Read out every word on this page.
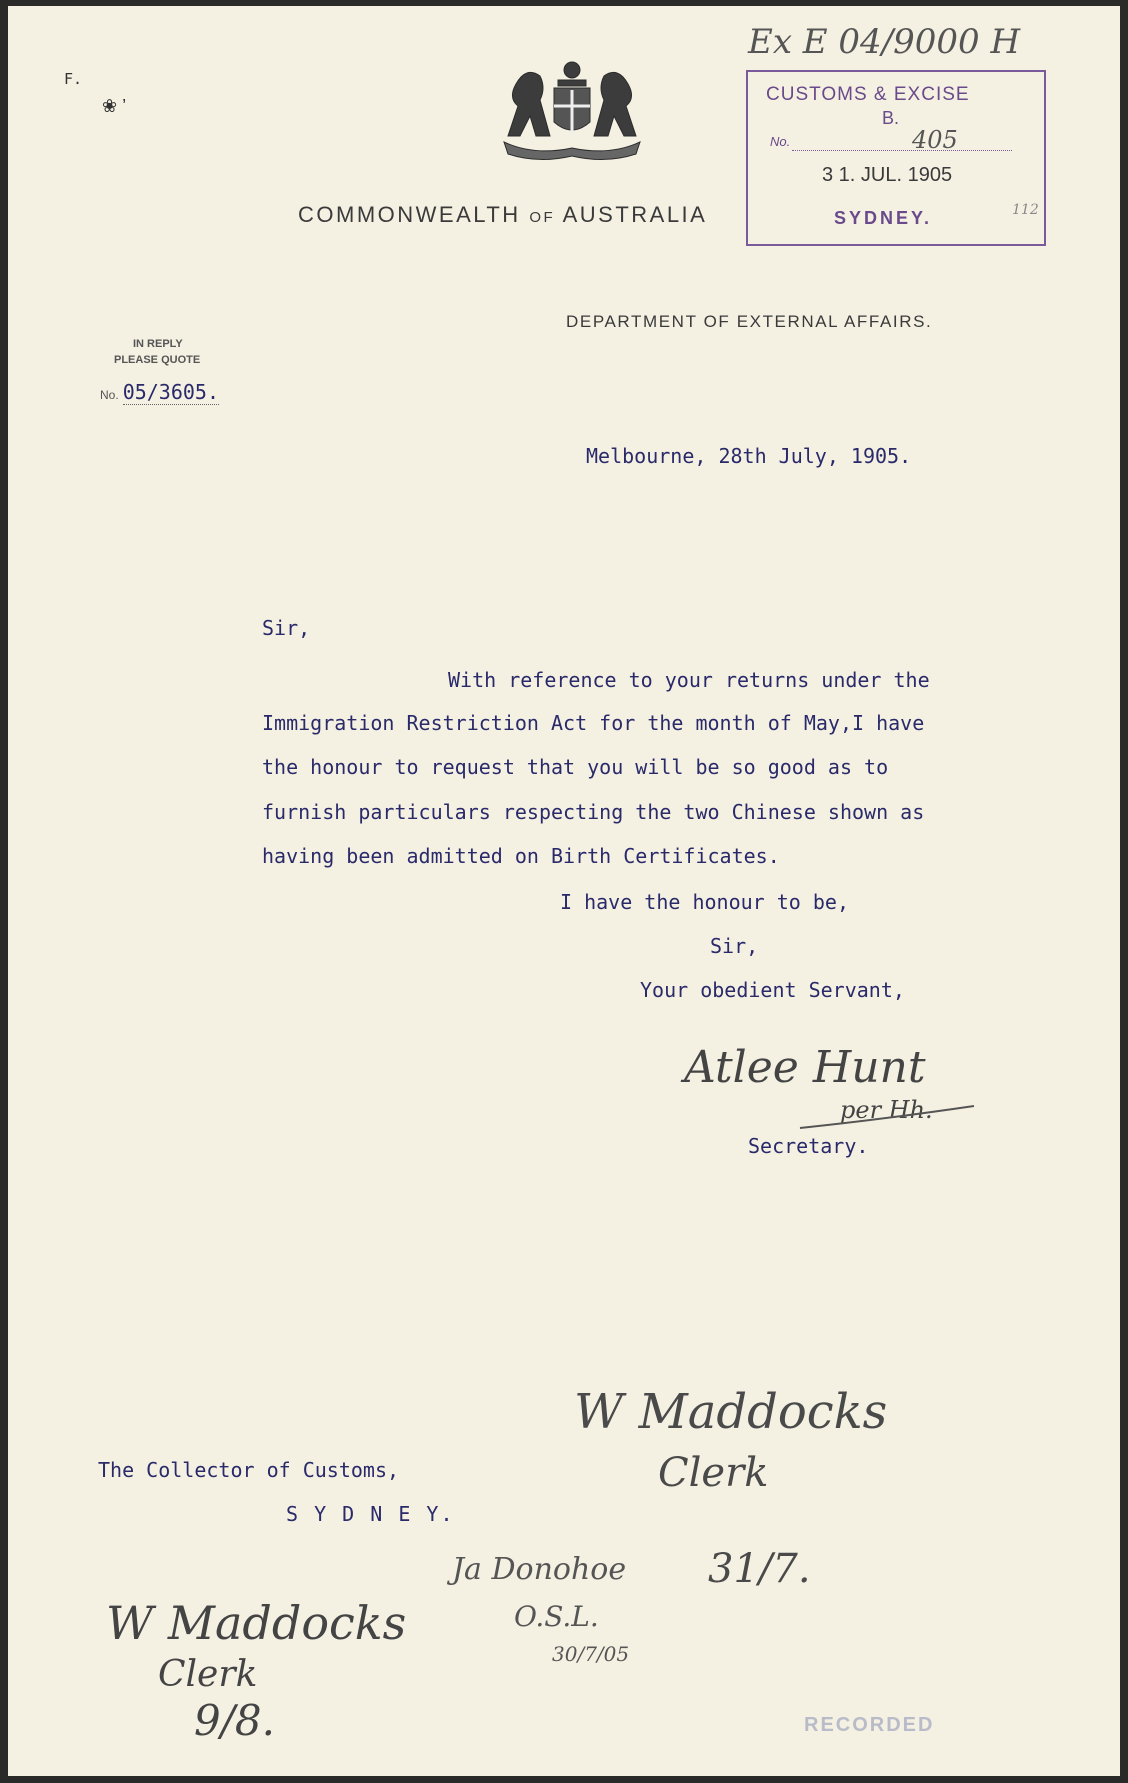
F.
❀ ’
COMMONWEALTH OF AUSTRALIA
DEPARTMENT OF EXTERNAL AFFAIRS.
IN REPLY
PLEASE QUOTE
No. 05/3605.
Ex E 04/9000 H
CUSTOMS & EXCISE
B.
No.	405
3 1. JUL. 1905
SYDNEY.	112
Melbourne, 28th July, 1905.
Sir,
With reference to your returns under the
Immigration Restriction Act for the month of May,I have
the honour to request that you will be so good as to
furnish particulars respecting the two Chinese shown as
having been admitted on Birth Certificates.
I have the honour to be,
Sir,
Your obedient Servant,
Atlee Hunt
per Hh.
Secretary.

W Maddocks
Clerk
31/7.
The Collector of Customs,
S Y D N E Y.
Ja Donohoe
O.S.L.
30/7/05
W Maddocks
Clerk
9/8.	RECORDED
